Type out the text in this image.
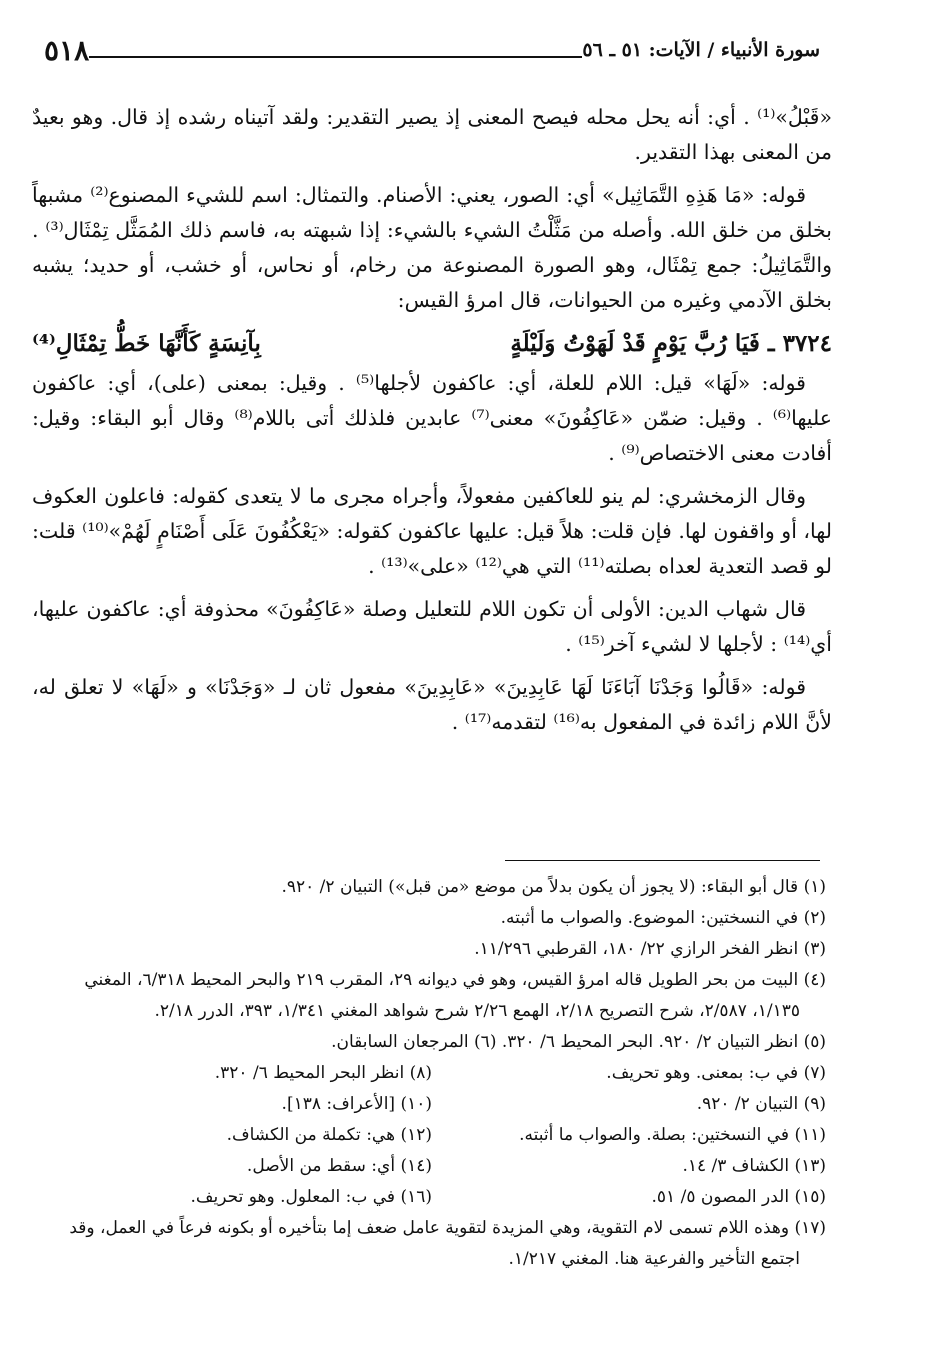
سورة الأنبياء / الآيات: ٥١ ـ ٥٦
٥١٨

«قَبْلُ»⁽¹⁾ . أي: أنه يحل محله فيصح المعنى إذ يصير التقدير: ولقد آتيناه رشده إذ قال. وهو بعيدٌ من المعنى بهذا التقدير.

قوله: «مَا هَذِهِ التَّمَاثِيل» أي: الصور، يعني: الأصنام. والتمثال: اسم للشيء المصنوع⁽²⁾ مشبهاً بخلق من خلق الله. وأصله من مَثَّلْتُ الشيء بالشيء: إذا شبهته به، فاسم ذلك المُمَثَّل تِمْثَال⁽³⁾ . والتَّمَاثِيلُ: جمع تِمْثَال، وهو الصورة المصنوعة من رخام، أو نحاس، أو خشب، أو حديد؛ يشبه بخلق الآدمي وغيره من الحيوانات، قال امرؤ القيس:

٣٧٢٤ ـ فَيَا رُبَّ يَوْمٍ قَدْ لَهَوْتُ وَلَيْلَةٍ
بِآنِسَةٍ كَأَنَّهَا خَطُّ تِمْثَالِ⁽⁴⁾

قوله: «لَهَا» قيل: اللام للعلة، أي: عاكفون لأجلها⁽⁵⁾ . وقيل: بمعنى (على)، أي: عاكفون عليها⁽⁶⁾ . وقيل: ضمّن «عَاكِفُونَ» معنى⁽⁷⁾ عابدين فلذلك أتى باللام⁽⁸⁾ وقال أبو البقاء: وقيل: أفادت معنى الاختصاص⁽⁹⁾ .

وقال الزمخشري: لم ينو للعاكفين مفعولاً، وأجراه مجرى ما لا يتعدى كقوله: فاعلون العكوف لها، أو واقفون لها. فإن قلت: هلاً قيل: عليها عاكفون كقوله: «يَعْكُفُونَ عَلَى أَصْنَامٍ لَهُمْ»⁽¹⁰⁾ قلت: لو قصد التعدية لعداه بصلته⁽¹¹⁾ التي هي⁽¹²⁾ «على»⁽¹³⁾ .

قال شهاب الدين: الأولى أن تكون اللام للتعليل وصلة «عَاكِفُونَ» محذوفة أي: عاكفون عليها، أي⁽¹⁴⁾ : لأجلها لا لشيء آخر⁽¹⁵⁾ .

قوله: «قَالُوا وَجَدْنَا آبَاءَنَا لَهَا عَابِدِينَ» «عَابِدِينَ» مفعول ثان لـ «وَجَدْنَا» و «لَهَا» لا تعلق له، لأنَّ اللام زائدة في المفعول به⁽¹⁶⁾ لتقدمه⁽¹⁷⁾ .

(١) قال أبو البقاء: (لا يجوز أن يكون بدلاً من موضع «من قبل») التبيان ٢/ ٩٢٠.
(٢) في النسختين: الموضوع. والصواب ما أثبته.
(٣) انظر الفخر الرازي ٢٢/ ١٨٠، القرطبي ١١/٢٩٦.
(٤) البيت من بحر الطويل قاله امرؤ القيس، وهو في ديوانه ٢٩، المقرب ٢١٩ والبحر المحيط ٦/٣١٨، المغني ١/١٣٥، ٢/٥٨٧، شرح التصريح ٢/١٨، الهمع ٢/٢٦ شرح شواهد المغني ١/٣٤١، ٣٩٣، الدرر ٢/١٨.
(٥) انظر التبيان ٢/ ٩٢٠. البحر المحيط ٦/ ٣٢٠. (٦) المرجعان السابقان.
(٧) في ب: بمعنى. وهو تحريف.
(٨) انظر البحر المحيط ٦/ ٣٢٠.
(٩) التبيان ٢/ ٩٢٠.
(١٠) [الأعراف: ١٣٨].
(١١) في النسختين: بصلة. والصواب ما أثبته.
(١٢) هي: تكملة من الكشاف.
(١٣) الكشاف ٣/ ١٤.
(١٤) أي: سقط من الأصل.
(١٥) الدر المصون ٥/ ٥١.
(١٦) في ب: المعلول. وهو تحريف.
(١٧) وهذه اللام تسمى لام التقوية، وهي المزيدة لتقوية عامل ضعف إما بتأخيره أو بكونه فرعاً في العمل، وقد اجتمع التأخير والفرعية هنا. المغني ١/٢١٧.
